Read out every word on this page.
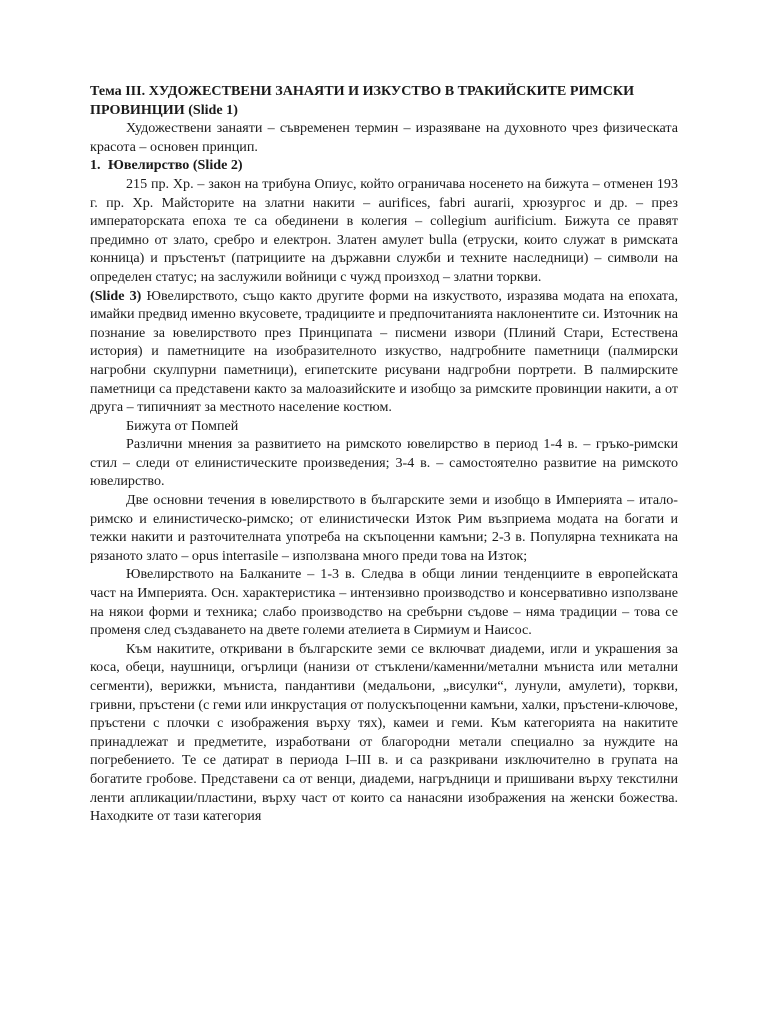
Тема III. ХУДОЖЕСТВЕНИ ЗАНАЯТИ И ИЗКУСТВО В ТРАКИЙСКИТЕ РИМСКИ ПРОВИНЦИИ (Slide 1)

Художествени занаяти – съвременен термин – изразяване на духовното чрез физическата красота – основен принцип.

1. Ювелирство (Slide 2)

215 пр. Хр. – закон на трибуна Опиус, който ограничава носенето на бижута – отменен 193 г. пр. Хр. Майсторите на златни накити – aurifices, fabri aurarii, хрюзургос и др. – през императорската епоха те са обединени в колегия – collegium aurificium. Бижута се правят предимно от злато, сребро и електрон. Златен амулет bulla (етруски, които служат в римската конница) и пръстенът (патрициите на държавни служби и техните наследници) – символи на определен статус; на заслужили войници с чужд произход – златни торкви.

(Slide 3) Ювелирството, също както другите форми на изкуството, изразява модата на епохата, имайки предвид именно вкусовете, традициите и предпочитанията наклонентите си. Източник на познание за ювелирството през Принципата – писмени извори (Плиний Стари, Естествена история) и паметниците на изобразителното изкуство, надгробните паметници (палмирски нагробни скулпурни паметници), египетските рисувани надгробни портрети. В палмирските паметници са представени както за малоазийските и изобщо за римските провинции накити, а от друга – типичният за местното население костюм.

Бижута от Помпей

Различни мнения за развитието на римското ювелирство в период 1-4 в. – гръко-римски стил – следи от елинистическите произведения; 3-4 в. – самостоятелно развитие на римското ювелирство.

Две основни течения в ювелирството в българските земи и изобщо в Империята – итало-римско и елинистическо-римско; от елинистически Изток Рим възприема модата на богати и тежки накити и разточителната употреба на скъпоценни камъни; 2-3 в. Популярна техниката на рязаното злато – opus interrasile – използвана много преди това на Изток;

Ювелирството на Балканите – 1-3 в. Следва в общи линии тенденциите в европейската част на Империята. Осн. характеристика – интензивно производство и консервативно използване на някои форми и техника; слабо производство на сребърни съдове – няма традиции – това се променя след създаването на двете големи ателиета в Сирмиум и Наисос.

Към накитите, откривани в българските земи се включват диадеми, игли и украшения за коса, обеци, наушници, огърлици (нанизи от стъклени/каменни/метални мъниста или метални сегменти), верижки, мъниста, пандантиви (медальони, „висулки“, лунули, амулети), торкви, гривни, пръстени (с геми или инкрустация от полускъпоценни камъни, халки, пръстени-ключове, пръстени с плочки с изображения върху тях), камеи и геми. Към категорията на накитите принадлежат и предметите, изработвани от благородни метали специално за нуждите на погребението. Те се датират в периода I–III в. и са разкривани изключително в групата на богатите гробове. Представени са от венци, диадеми, нагръдници и пришивани върху текстилни ленти апликации/пластини, върху част от които са нанасяни изображения на женски божества. Находките от тази категория
